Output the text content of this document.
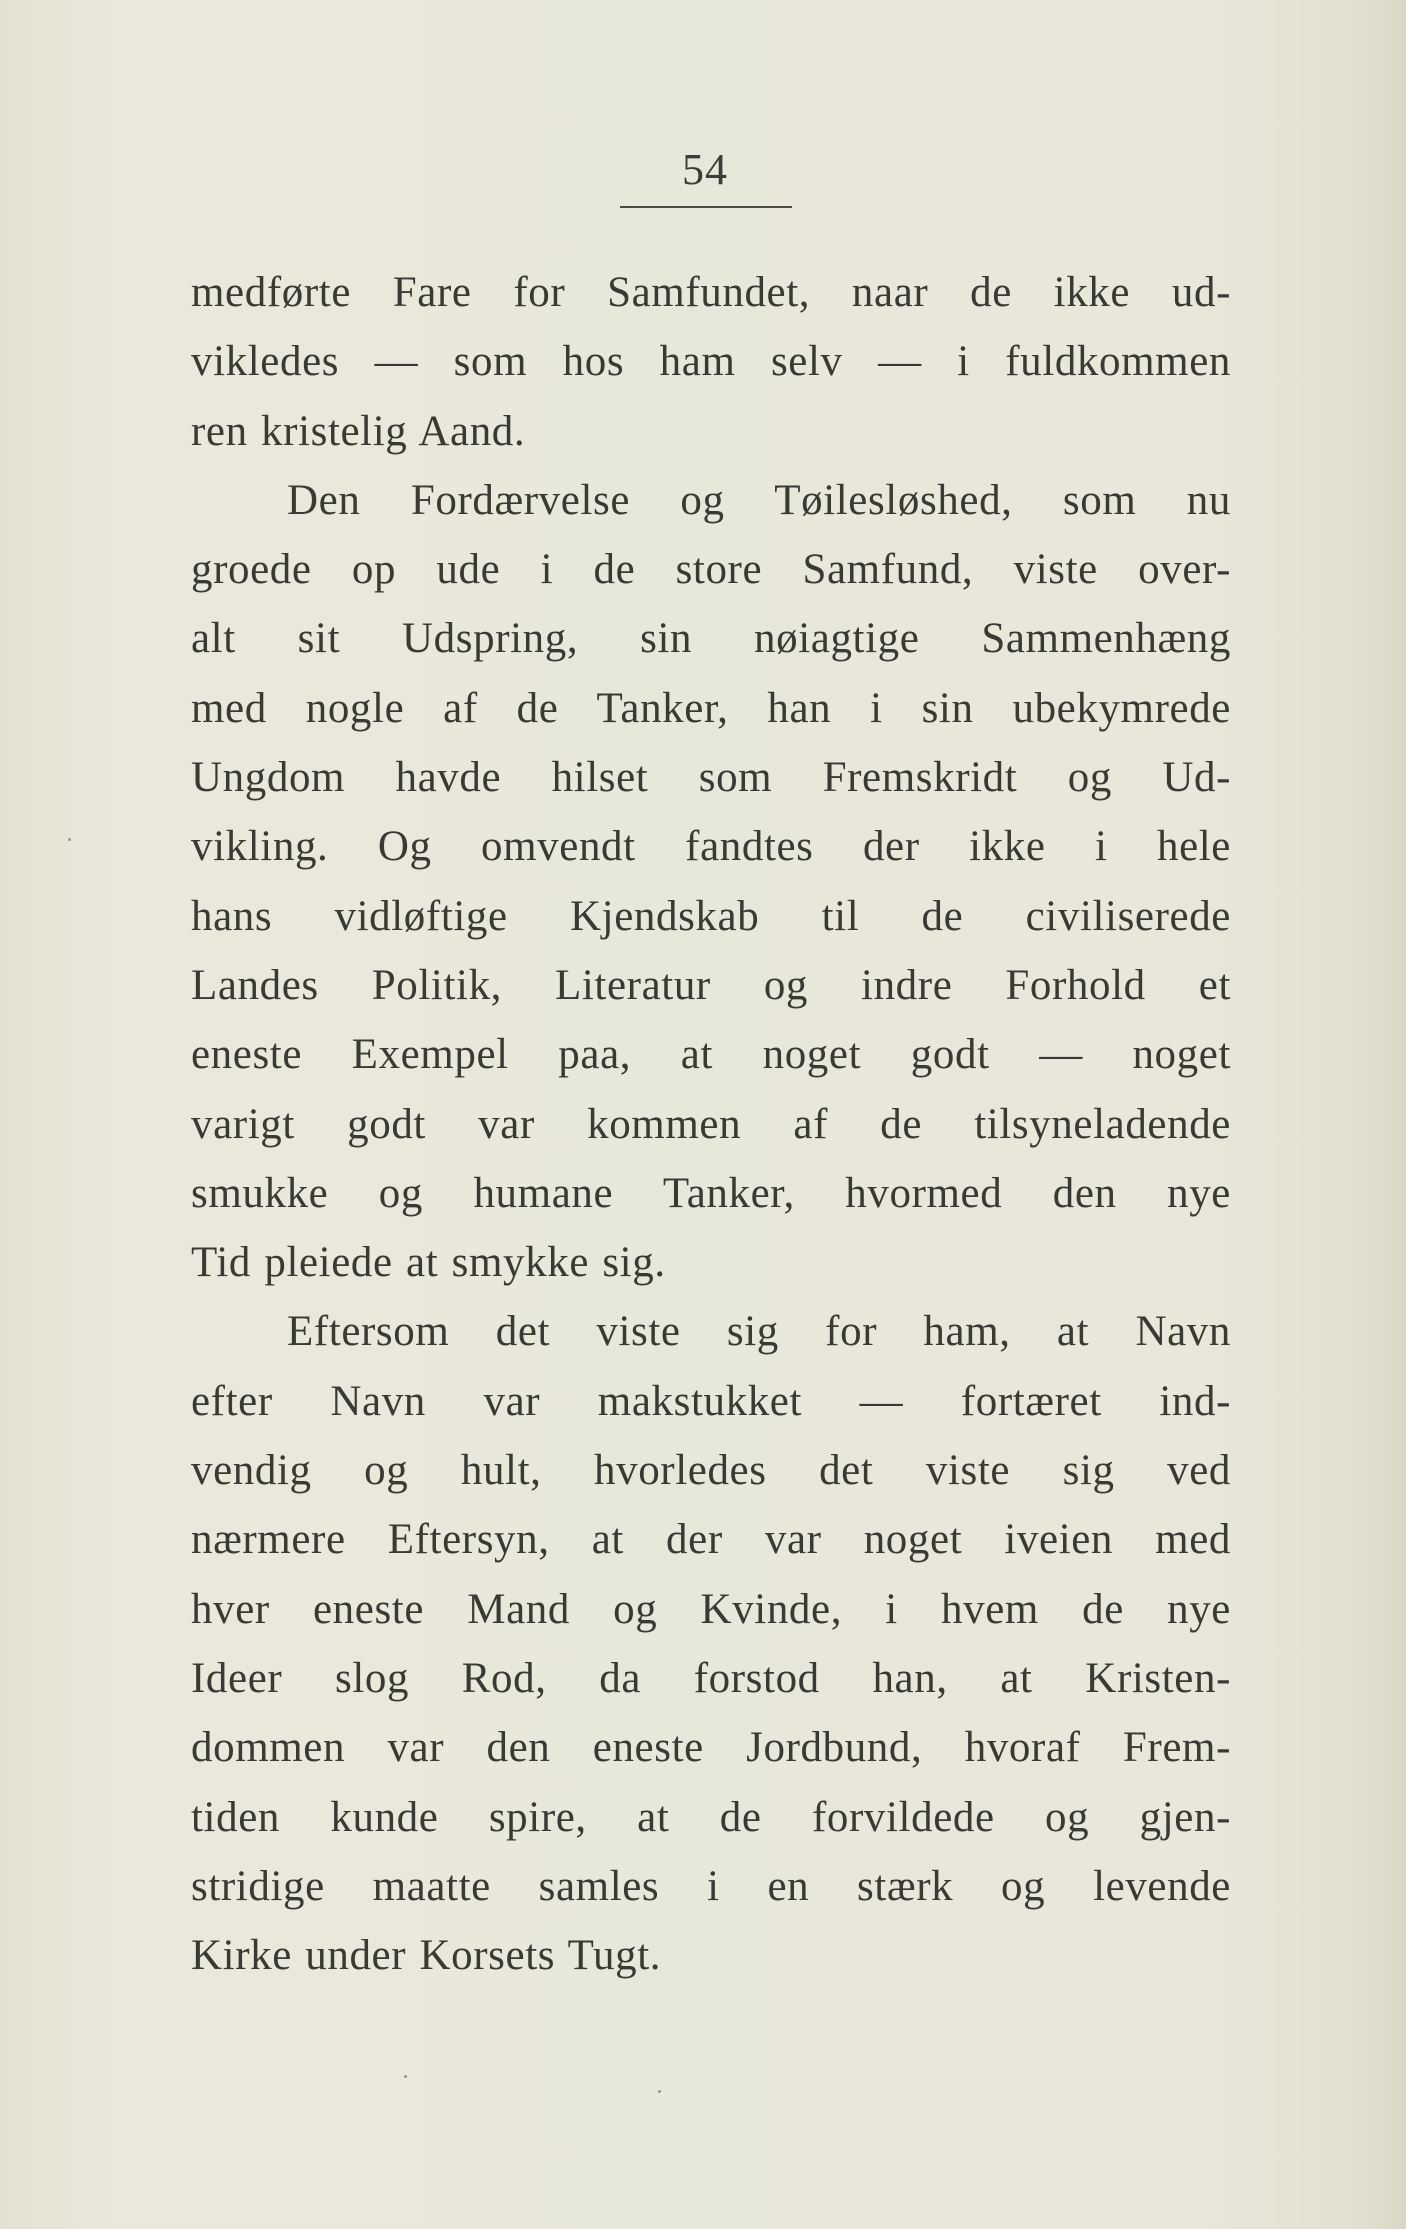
54
medførte Fare for Samfundet, naar de ikke ud-
vikledes — som hos ham selv — i fuldkommen
ren kristelig Aand.
Den Fordærvelse og Tøilesløshed, som nu
groede op ude i de store Samfund, viste over-
alt sit Udspring, sin nøiagtige Sammenhæng
med nogle af de Tanker, han i sin ubekymrede
Ungdom havde hilset som Fremskridt og Ud-
vikling. Og omvendt fandtes der ikke i hele
hans vidløftige Kjendskab til de civiliserede
Landes Politik, Literatur og indre Forhold et
eneste Exempel paa, at noget godt — noget
varigt godt var kommen af de tilsyneladende
smukke og humane Tanker, hvormed den nye
Tid pleiede at smykke sig.
Eftersom det viste sig for ham, at Navn
efter Navn var makstukket — fortæret ind-
vendig og hult, hvorledes det viste sig ved
nærmere Eftersyn, at der var noget iveien med
hver eneste Mand og Kvinde, i hvem de nye
Ideer slog Rod, da forstod han, at Kristen-
dommen var den eneste Jordbund, hvoraf Frem-
tiden kunde spire, at de forvildede og gjen-
stridige maatte samles i en stærk og levende
Kirke under Korsets Tugt.
